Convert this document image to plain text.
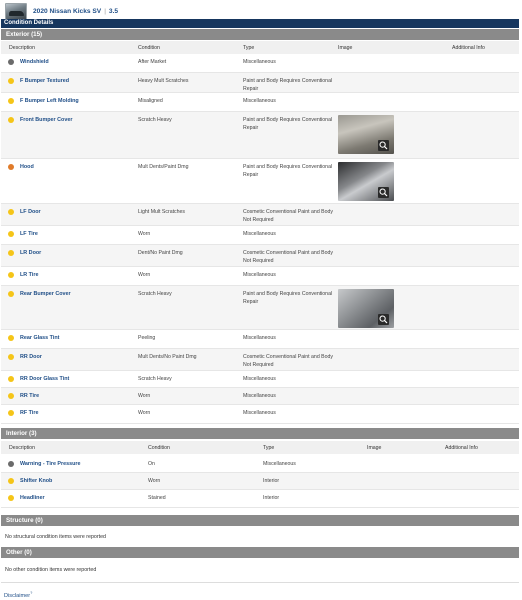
2020 Nissan Kicks SV | 3.5
Condition Details
Exterior (15)
Description	Condition	Type	Image	Additional Info
Windshield	After Market	Miscellaneous
F Bumper Textured	Heavy Mult Scratches	Paint and Body Requires Conventional Repair
F Bumper Left Molding	Misaligned	Miscellaneous
Front Bumper Cover	Scratch Heavy	Paint and Body Requires Conventional Repair
Hood	Mult Dents/Paint Dmg	Paint and Body Requires Conventional Repair
LF Door	Light Mult Scratches	Cosmetic Conventional Paint and Body Not Required
LF Tire	Worn	Miscellaneous
LR Door	Dent/No Paint Dmg	Cosmetic Conventional Paint and Body Not Required
LR Tire	Worn	Miscellaneous
Rear Bumper Cover	Scratch Heavy	Paint and Body Requires Conventional Repair
Rear Glass Tint	Peeling	Miscellaneous
RR Door	Mult Dents/No Paint Dmg	Cosmetic Conventional Paint and Body Not Required
RR Door Glass Tint	Scratch Heavy	Miscellaneous
RR Tire	Worn	Miscellaneous
RF Tire	Worn	Miscellaneous
Interior (3)
Description	Condition	Type	Image	Additional Info
Warning - Tire Pressure	On	Miscellaneous
Shifter Knob	Worn	Interior
Headliner	Stained	Interior
Structure (0)
No structural condition items were reported
Other (0)
No other condition items were reported
Disclaimer?
